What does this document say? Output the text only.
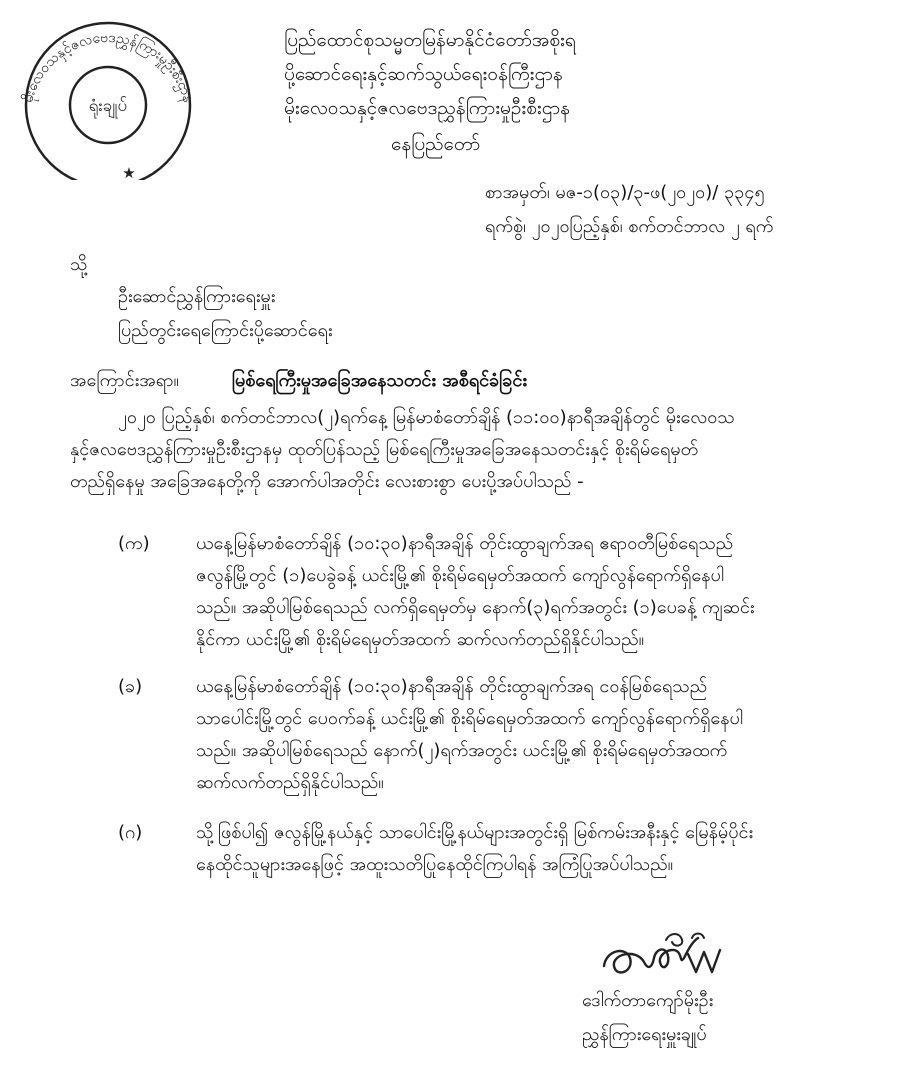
မိုးလေဝသနှင့်ဇလဗေဒညွှန်ကြားမှုဦးစီးဌာန
ရုံးချုပ်
★
ပြည်ထောင်စုသမ္မတမြန်မာနိုင်ငံတော်အစိုးရ
ပို့ဆောင်ရေးနှင့်ဆက်သွယ်ရေးဝန်ကြီးဌာန
မိုးလေဝသနှင့်ဇလဗေဒညွှန်ကြားမှုဦးစီးဌာန
နေပြည်တော်
စာအမှတ်၊ မဇ-၁(၀၃)/၃-ဖ(၂၀၂၀)/ ၃၃၄၅
ရက်စွဲ၊ ၂၀၂၀ပြည့်နှစ်၊ စက်တင်ဘာလ ၂ ရက်
သို့
ဦးဆောင်ညွှန်ကြားရေးမှူး
ပြည်တွင်းရေကြောင်းပို့ဆောင်ရေး
အကြောင်းအရာ။	မြစ်ရေကြီးမှုအခြေအနေသတင်း အစီရင်ခံခြင်း
၂၀၂၀ ပြည့်နှစ်၊ စက်တင်ဘာလ(၂)ရက်နေ့ မြန်မာစံတော်ချိန် (၁၁:၀၀)နာရီအချိန်တွင် မိုးလေဝသ
နှင့်ဇလဗေဒညွှန်ကြားမှုဦးစီးဌာနမှ ထုတ်ပြန်သည့် မြစ်ရေကြီးမှုအခြေအနေသတင်းနှင့် စိုးရိမ်ရေမှတ်
တည်ရှိနေမှု အခြေအနေတို့ကို အောက်ပါအတိုင်း လေးစားစွာ ပေးပို့အပ်ပါသည် -
(က)	ယနေ့မြန်မာစံတော်ချိန် (၁၀:၃၀)နာရီအချိန် တိုင်းထွာချက်အရ ဧရာဝတီမြစ်ရေသည်
ဇလွန်မြို့တွင် (၁)ပေခွဲခန့် ယင်းမြို့၏ စိုးရိမ်ရေမှတ်အထက် ကျော်လွန်ရောက်ရှိနေပါ
သည်။ အဆိုပါမြစ်ရေသည် လက်ရှိရေမှတ်မှ နောက်(၃)ရက်အတွင်း (၁)ပေခန့် ကျဆင်း
နိုင်ကာ ယင်းမြို့၏ စိုးရိမ်ရေမှတ်အထက် ဆက်လက်တည်ရှိနိုင်ပါသည်။
(ခ)	ယနေ့မြန်မာစံတော်ချိန် (၁၀:၃၀)နာရီအချိန် တိုင်းထွာချက်အရ ငဝန်မြစ်ရေသည်
သာပေါင်းမြို့တွင် ပေဝက်ခန့် ယင်းမြို့၏ စိုးရိမ်ရေမှတ်အထက် ကျော်လွန်ရောက်ရှိနေပါ
သည်။ အဆိုပါမြစ်ရေသည် နောက်(၂)ရက်အတွင်း ယင်းမြို့၏ စိုးရိမ်ရေမှတ်အထက်
ဆက်လက်တည်ရှိနိုင်ပါသည်။
(ဂ)	သို့ဖြစ်ပါ၍ ဇလွန်မြို့နယ်နှင့် သာပေါင်းမြို့နယ်များအတွင်းရှိ မြစ်ကမ်းအနီးနှင့် မြေနိမ့်ပိုင်း
နေထိုင်သူများအနေဖြင့် အထူးသတိပြုနေထိုင်ကြပါရန် အကြံပြုအပ်ပါသည်။
ဒေါက်တာကျော်မိုးဦး
ညွှန်ကြားရေးမှူးချုပ်
